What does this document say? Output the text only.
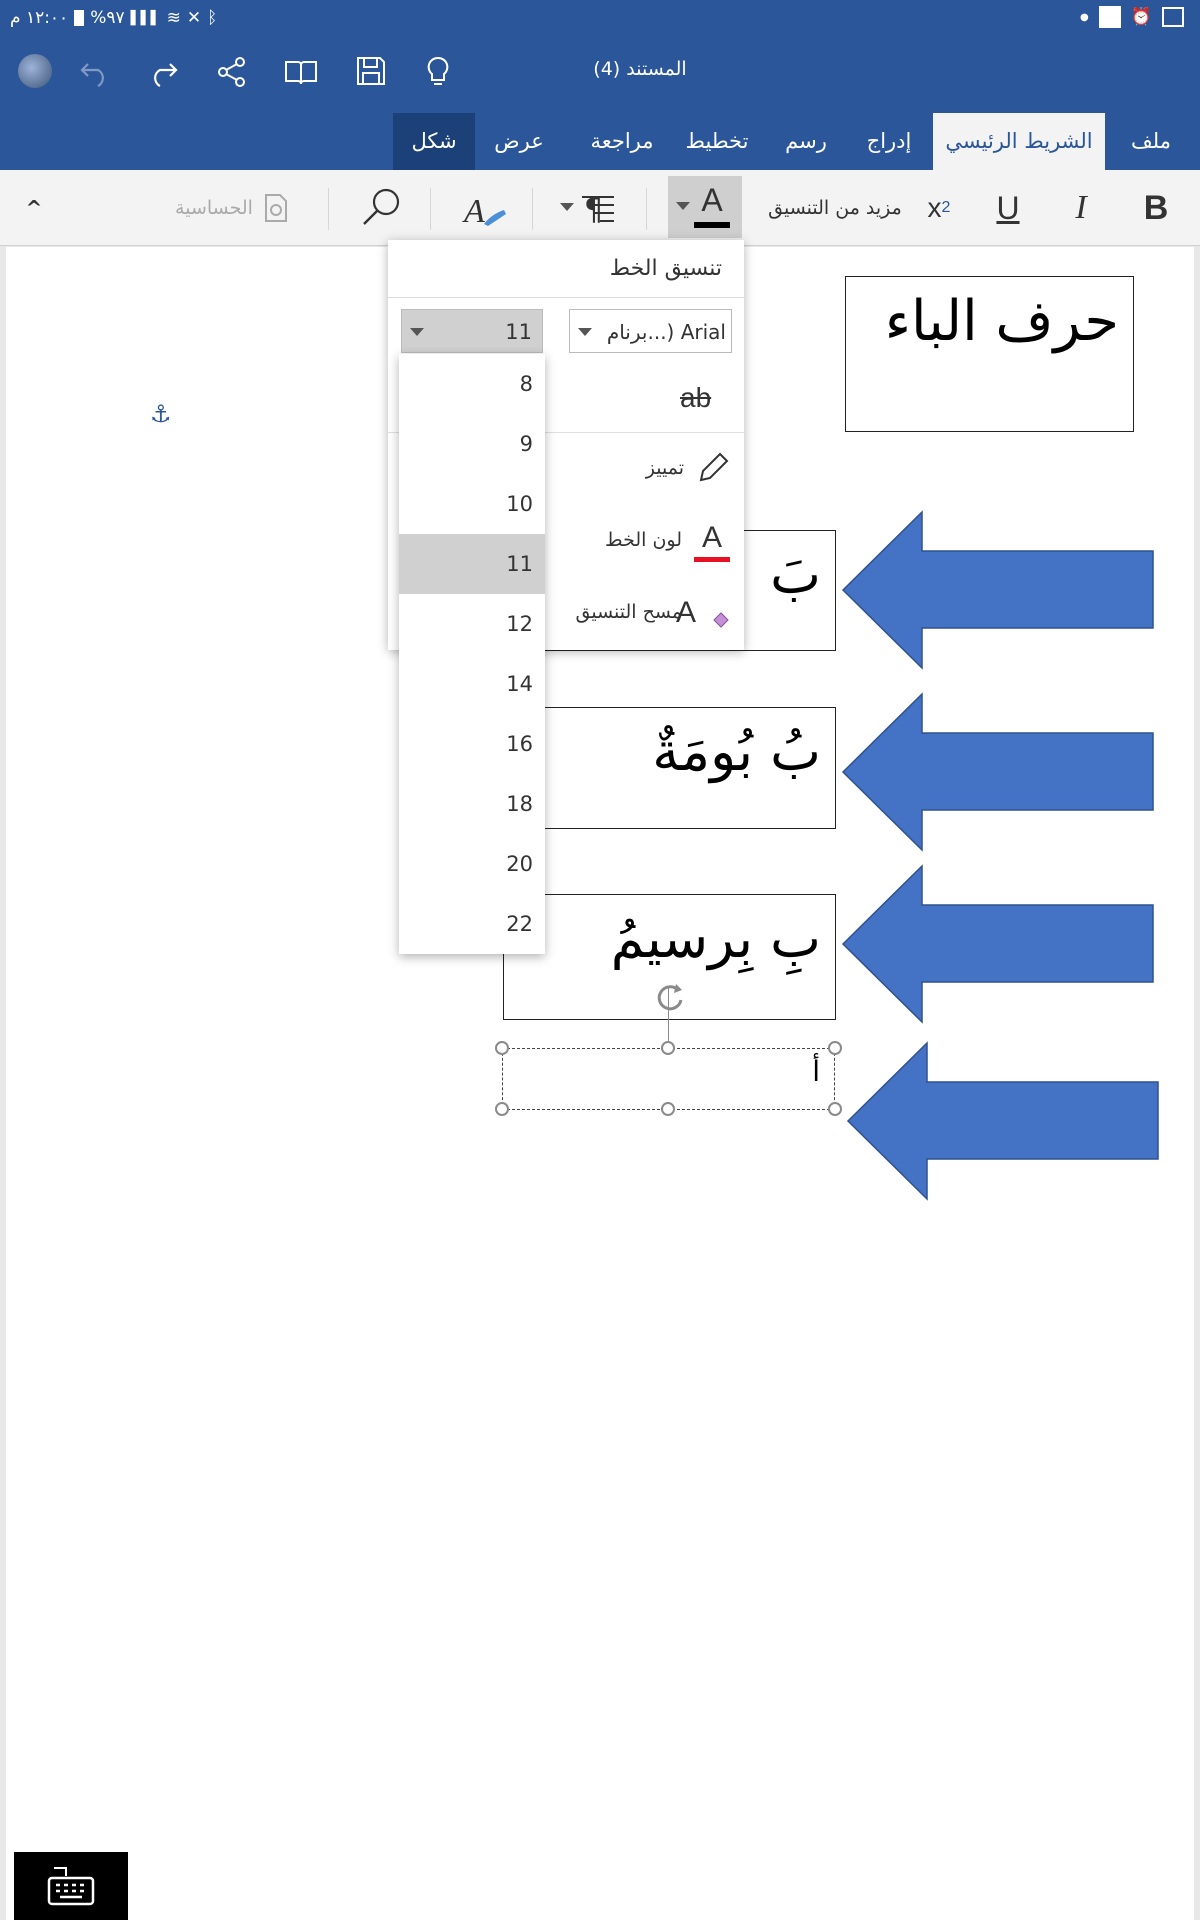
١٢:٠٠ م %٩٧ ▌▌▌ ≋ ✕ ᛒ	● ⏰
المستند (4)
ملف
الشريط الرئيسي
إدراج
رسم
تخطيط
مراجعة
عرض
شكل
B
I
U
x 2
مزيد من التنسيق
A
¶
A
الحساسية
^
⚓
حرف الباء
بَ
بُ بُومَةٌ
بِ بِرسيمُ
أ
تنسيق الخط
برنام...) Arial
11
ab
تمييز
A
لون الخط
A
مسح التنسيق
8
9
10
11
12
14
16
18
20
22
